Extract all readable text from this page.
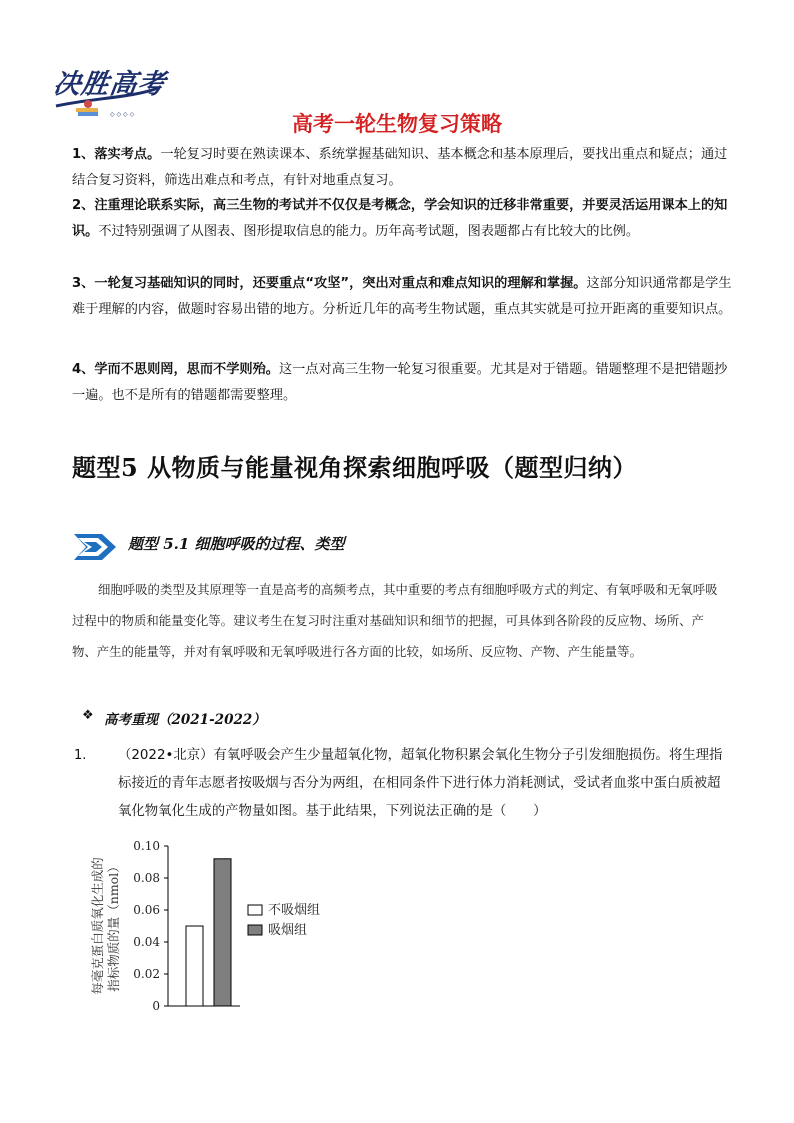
◇ ◇ ◇ ◇
决胜高考
高考一轮生物复习策略
1、落实考点。一轮复习时要在熟读课本、系统掌握基础知识、基本概念和基本原理后，要找出重点和疑点；通过结合复习资料，筛选出难点和考点，有针对地重点复习。
2、注重理论联系实际，高三生物的考试并不仅仅是考概念，学会知识的迁移非常重要，并要灵活运用课本上的知识。不过特别强调了从图表、图形提取信息的能力。历年高考试题，图表题都占有比较大的比例。
3、一轮复习基础知识的同时，还要重点“攻坚”，突出对重点和难点知识的理解和掌握。这部分知识通常都是学生难于理解的内容，做题时容易出错的地方。分析近几年的高考生物试题，重点其实就是可拉开距离的重要知识点。
4、学而不思则罔，思而不学则殆。这一点对高三生物一轮复习很重要。尤其是对于错题。错题整理不是把错题抄一遍。也不是所有的错题都需要整理。
题型5 从物质与能量视角探索细胞呼吸（题型归纳）
题型 5.1 细胞呼吸的过程、类型
细胞呼吸的类型及其原理等一直是高考的高频考点，其中重要的考点有细胞呼吸方式的判定、有氧呼吸和无氧呼吸过程中的物质和能量变化等。建议考生在复习时注重对基础知识和细节的把握，可具体到各阶段的反应物、场所、产物、产生的能量等，并对有氧呼吸和无氧呼吸进行各方面的比较，如场所、反应物、产物、产生能量等。
❖ 高考重现（2021-2022）
1. （2022•北京）有氧呼吸会产生少量超氧化物，超氧化物积累会氧化生物分子引发细胞损伤。将生理指标接近的青年志愿者按吸烟与否分为两组，在相同条件下进行体力消耗测试，受试者血浆中蛋白质被超氧化物氧化生成的产物量如图。基于此结果，下列说法正确的是（　　）
0
0.02
0.04
0.06
0.08
0.10
每毫克蛋白质氧化生成的 指标物质的量（nmol）	不吸烟组
吸烟组
